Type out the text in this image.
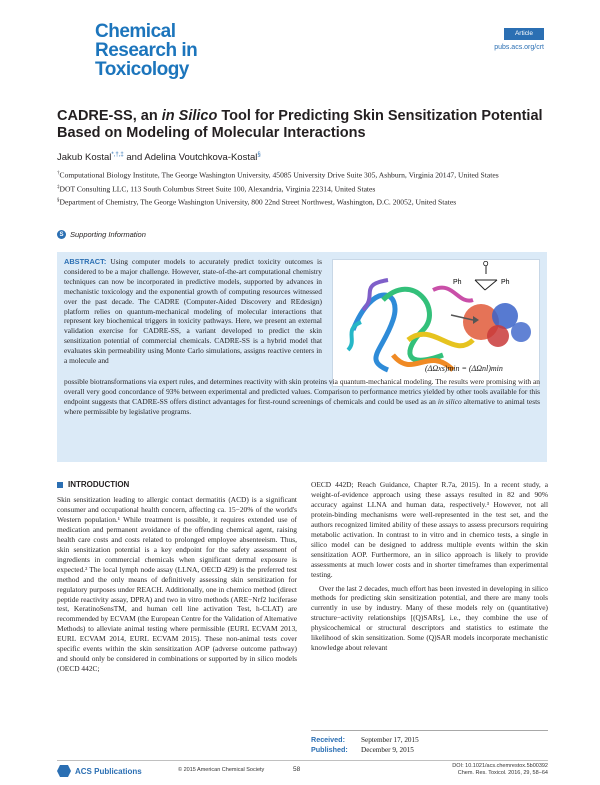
Chemical
Research in
Toxicology
Article
pubs.acs.org/crt
CADRE-SS, an in Silico Tool for Predicting Skin Sensitization Potential Based on Modeling of Molecular Interactions
Jakub Kostal*,†,‡ and Adelina Voutchkova-Kostal§
†Computational Biology Institute, The George Washington University, 45085 University Drive Suite 305, Ashburn, Virginia 20147, United States
‡DOT Consulting LLC, 113 South Columbus Street Suite 100, Alexandria, Virginia 22314, United States
§Department of Chemistry, The George Washington University, 800 22nd Street Northwest, Washington, D.C. 20052, United States
S Supporting Information

ABSTRACT: Using computer models to accurately predict toxicity outcomes is considered to be a major challenge. However, state-of-the-art computational chemistry techniques can now be incorporated in predictive models, supported by advances in mechanistic toxicology and the exponential growth of computing resources witnessed over the past decade. The CADRE (Computer-Aided Discovery and REdesign) platform relies on quantum-mechanical modeling of molecular interactions that represent key biochemical triggers in toxicity pathways. Here, we present an external validation exercise for CADRE-SS, a variant developed to predict the skin sensitization potential of commercial chemicals. CADRE-SS is a hybrid model that evaluates skin permeability using Monte Carlo simulations, assigns reactive centers in a molecule and

O
Ph	Ph
(ΔΩxs)min = (ΔΩnl)min

possible biotransformations via expert rules, and determines reactivity with skin proteins via quantum-mechanical modeling. The results were promising with an overall very good concordance of 93% between experimental and predicted values. Comparison to performance metrics yielded by other tools available for this endpoint suggests that CADRE-SS offers distinct advantages for first-round screenings of chemicals and could be used as an in silico alternative to animal tests where permissible by legislative programs.

INTRODUCTION

Skin sensitization leading to allergic contact dermatitis (ACD) is a significant consumer and occupational health concern, affecting ca. 15−20% of the world's Western population.¹ While treatment is possible, it requires extended use of medication and permanent avoidance of the offending chemical agent, raising health care costs and costs related to prolonged employee absenteeism. Thus, skin sensitization potential is a key endpoint for the safety assessment of ingredients in commercial chemicals when significant dermal exposure is expected.² The local lymph node assay (LLNA, OECD 429) is the preferred test method and the only means of definitively assessing skin sensitization for regulatory purposes under REACH. Additionally, one in chemico method (direct peptide reactivity assay, DPRA) and two in vitro methods (ARE−Nrf2 luciferase test, KeratinoSensTM, and human cell line activation Test, h-CLAT) are recommended by ECVAM (the European Centre for the Validation of Alternative Methods) to alleviate animal testing where permissible (EURL ECVAM 2013, EURL ECVAM 2014, EURL ECVAM 2015). These non-animal tests cover specific events within the skin sensitization AOP (adverse outcome pathway) and should only be considered in combinations or supported by in silico models (OECD 442C;

OECD 442D; Reach Guidance, Chapter R.7a, 2015). In a recent study, a weight-of-evidence approach using these assays resulted in 82 and 90% accuracy against LLNA and human data, respectively.³ However, not all protein-binding mechanisms were well-represented in the test set, and the authors recognized limited ability of these assays to assess precursors requiring metabolic activation. In contrast to in vitro and in chemico tests, a single in silico model can be designed to address multiple events within the skin sensitization AOP. Furthermore, an in silico approach is likely to provide assessments at much lower costs and in shorter timeframes than experimental testing.

Over the last 2 decades, much effort has been invested in developing in silico methods for predicting skin sensitization potential, and there are many tools currently in use by industry. Many of these models rely on (quantitative) structure−activity relationships [(Q)SARs], i.e., they combine the use of physicochemical or structural descriptors and statistics to estimate the likelihood of skin sensitization. Some (Q)SAR models incorporate mechanistic knowledge about relevant

Received: September 17, 2015
Published: December 9, 2015
ACS Publications	© 2015 American Chemical Society	58	DOI: 10.1021/acs.chemrestox.5b00392
Chem. Res. Toxicol. 2016, 29, 58−64
